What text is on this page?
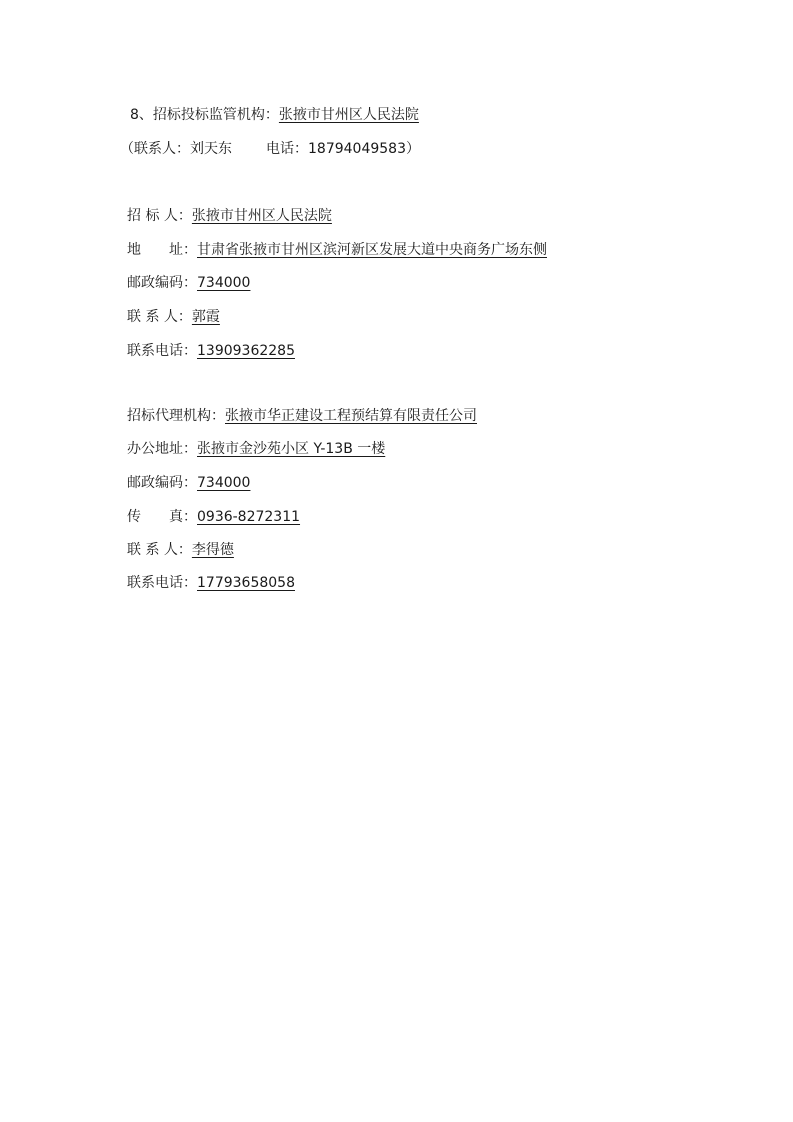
8、招标投标监管机构：张掖市甘州区人民法院
（联系人：刘天东 电话：18794049583）
招 标 人：张掖市甘州区人民法院
地　　址：甘肃省张掖市甘州区滨河新区发展大道中央商务广场东侧
邮政编码：734000
联 系 人：郭霞
联系电话：13909362285
招标代理机构：张掖市华正建设工程预结算有限责任公司
办公地址：张掖市金沙苑小区 Y-13B 一楼
邮政编码：734000
传　　真：0936-8272311
联 系 人：李得德
联系电话：17793658058
